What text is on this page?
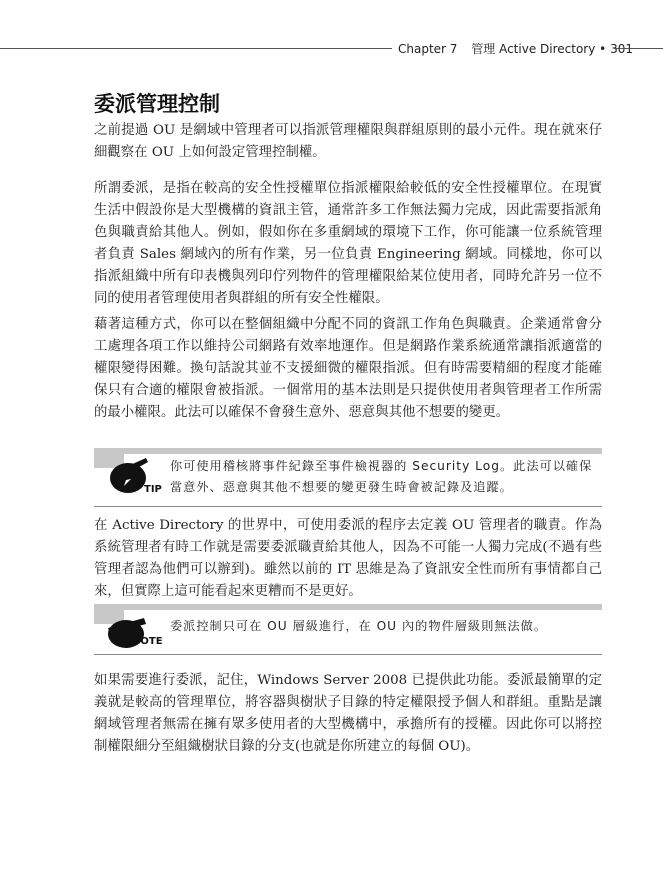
Chapter 7 管理 Active Directory • 301
委派管理控制
之前提過 OU 是網域中管理者可以指派管理權限與群組原則的最小元件。現在就來仔細觀察在 OU 上如何設定管理控制權。
所謂委派，是指在較高的安全性授權單位指派權限給較低的安全性授權單位。在現實生活中假設你是大型機構的資訊主管，通常許多工作無法獨力完成，因此需要指派角色與職責給其他人。例如，假如你在多重網域的環境下工作，你可能讓一位系統管理者負責 Sales 網域內的所有作業，另一位負責 Engineering 網域。同樣地，你可以指派組織中所有印表機與列印佇列物件的管理權限給某位使用者，同時允許另一位不同的使用者管理使用者與群組的所有安全性權限。
藉著這種方式，你可以在整個組織中分配不同的資訊工作角色與職責。企業通常會分工處理各項工作以維持公司網路有效率地運作。但是網路作業系統通常讓指派適當的權限變得困難。換句話說其並不支援細微的權限指派。但有時需要精細的程度才能確保只有合適的權限會被指派。一個常用的基本法則是只提供使用者與管理者工作所需的最小權限。此法可以確保不會發生意外、惡意與其他不想要的變更。
TIP
你可使用稽核將事件紀錄至事件檢視器的 Security Log。此法可以確保當意外、惡意與其他不想要的變更發生時會被記錄及追蹤。
在 Active Directory 的世界中，可使用委派的程序去定義 OU 管理者的職責。作為系統管理者有時工作就是需要委派職責給其他人，因為不可能一人獨力完成(不過有些管理者認為他們可以辦到)。雖然以前的 IT 思維是為了資訊安全性而所有事情都自己來，但實際上這可能看起來更糟而不是更好。
NOTE
委派控制只可在 OU 層級進行，在 OU 內的物件層級則無法做。
如果需要進行委派，記住，Windows Server 2008 已提供此功能。委派最簡單的定義就是較高的管理單位，將容器與樹狀子目錄的特定權限授予個人和群組。重點是讓網域管理者無需在擁有眾多使用者的大型機構中，承擔所有的授權。因此你可以將控制權限細分至組織樹狀目錄的分支(也就是你所建立的每個 OU)。
